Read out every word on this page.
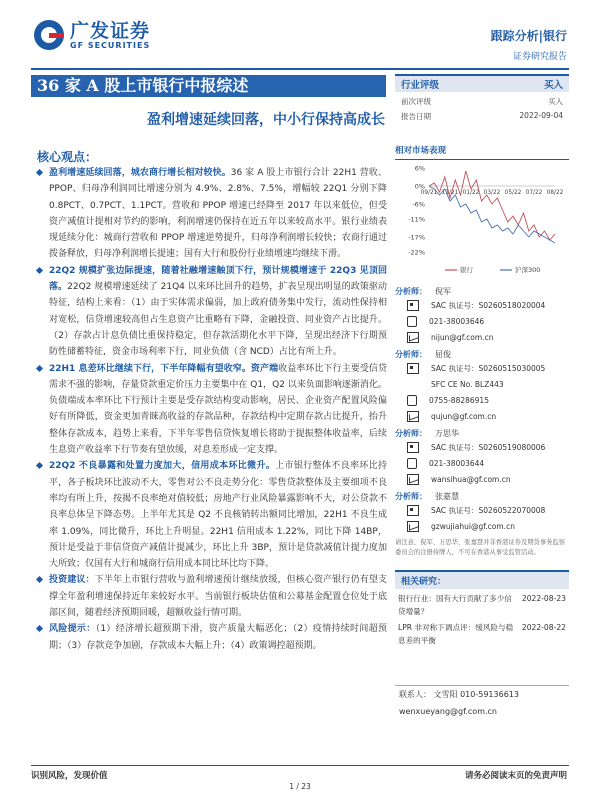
广发证券
GF SECURITIES
跟踪分析|银行
证券研究报告
36 家 A 股上市银行中报综述
盈利增速延续回落，中小行保持高成长
核心观点：
盈利增速延续回落，城农商行增长相对较快。36 家 A 股上市银行合计 22H1 营收、PPOP、归母净利润同比增速分别为 4.9%、2.8%、7.5%，增幅较 22Q1 分别下降 0.8PCT、0.7PCT、1.1PCT。营收和 PPOP 增速已经降至 2017 年以来低位，但受资产减值计提相对节约的影响，利润增速仍保持在近五年以来较高水平。银行业绩表现延续分化：城商行营收和 PPOP 增速逆势提升，归母净利润增长较快；农商行通过拨备释放，归母净利润增长提速；国有大行和股份行业绩增速均继续下滑。
22Q2 规模扩张边际提速，随着社融增速触顶下行，预计规模增速于 22Q3 见顶回落。22Q2 规模增速延续了 21Q4 以来环比回升的趋势，扩表呈现出明显的政策驱动特征，结构上来看：（1）由于实体需求偏弱，加上政府债务集中发行，流动性保持相对宽松，信贷增速较高但占生息资产比重略有下降，金融投资、同业资产占比提升。（2）存款占计息负债比重保持稳定，但存款活期化水平下降，呈现出经济下行期预防性储蓄特征，资金市场利率下行，同业负债（含 NCD）占比有所上升。
22H1 息差环比继续下行，下半年降幅有望收窄。资产端收益率环比下行主要受信贷需求不强的影响，存量贷款重定价压力主要集中在 Q1，Q2 以来负面影响逐渐消化。负债端成本率环比下行预计主要是受存款结构变动影响，居民、企业资产配置风险偏好有所降低，资金更加青睐高收益的存款品种，存款结构中定期存款占比提升，抬升整体存款成本，趋势上来看，下半年零售信贷恢复增长将助于提振整体收益率，后续生息资产收益率下行节奏有望放缓，对息差形成一定支撑。
22Q2 不良暴露和处置力度加大，信用成本环比微升。上市银行整体不良率环比持平，各子板块环比波动不大，零售对公不良走势分化：零售贷款整体及主要细项不良率均有所上升，按揭不良率绝对值较低；房地产行业风险暴露影响不大，对公贷款不良率总体呈下降态势。上半年尤其是 Q2 不良核销转出额同比增加，22H1 不良生成率 1.09%，同比微升，环比上升明显。22H1 信用成本 1.22%，同比下降 14BP，预计是受益于非信贷资产减值计提减少，环比上升 3BP，预计是贷款减值计提力度加大所致；仅国有大行和城商行信用成本同比环比均下降。
投资建议：下半年上市银行营收与盈利增速预计继续放缓，但核心资产银行仍有望支撑全年盈利增速保持近年来较好水平。当前银行板块估值和公募基金配置仓位处于底部区间，随着经济预期回暖，超额收益行情可期。
风险提示：（1）经济增长超预期下滑，资产质量大幅恶化；（2）疫情持续时间超预期；（3）存款竞争加剧，存款成本大幅上升；（4）政策调控超预期。
行业评级	买入
前次评级	买入
报告日期	2022-09-04
相对市场表现
6%
0%
-6%
-11%
-17%
-22%
09/21 11/21 01/22 03/22 05/22 07/22 08/22
银行	沪深300
分析师： 倪军
SAC 执证号：S0260518020004
021-38003646
nijun@gf.com.cn
分析师： 屈俊
SAC 执证号：S0260515030005
SFC CE No. BLZ443
0755-88286915
qujun@gf.com.cn
分析师： 万思华
SAC 执证号：S0260519080006
021-38003644
wansihua@gf.com.cn
分析师： 张嘉慧
SAC 执证号：S0260522070008
gzwujiahui@gf.com.cn
请注意，倪军、万思华、张嘉慧并非香港证券及期货事务监察委员会的注册持牌人，不可在香港从事受监管活动。
相关研究：
银行行业：国有大行贡献了多少信贷增量？
2022-08-23
LPR 非对称下调点评：缓风险与稳息差的平衡
2022-08-22
联系人： 文雪阳 010-59136613
wenxueyang@gf.com.cn
识别风险，发现价值	请务必阅读末页的免责声明
1 / 23
